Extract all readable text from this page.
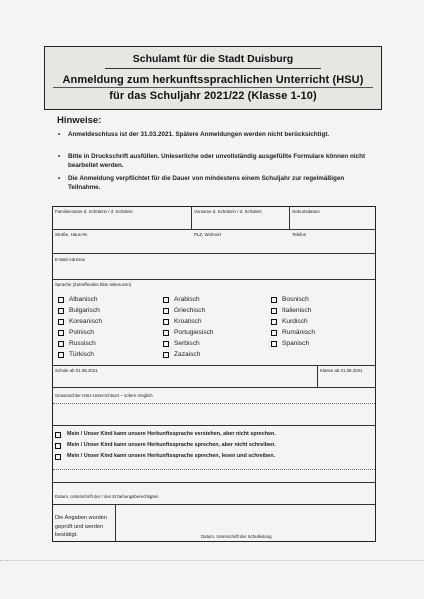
Schulamt für die Stadt Duisburg
Anmeldung zum herkunftssprachlichen Unterricht (HSU)
für das Schuljahr 2021/22 (Klasse 1-10)
Hinweise:
• Anmeldeschluss ist der 31.03.2021. Spätere Anmeldungen werden nicht berücksichtigt.
• Bitte in Druckschrift ausfüllen. Unleserliche oder unvollständig ausgefüllte Formulare können nicht bearbeitet werden.
• Die Anmeldung verpflichtet für die Dauer von mindestens einem Schuljahr zur regelmäßigen Teilnahme.
Familienname d. Schülerin / d. Schülers	Vorname d. Schülerin / d. Schülers	Geburtsdatum
Straße, Haus-Nr.	PLZ, Wohnort	Telefon
E-Mail-Adresse
Sprache (Zutreffendes bitte ankreuzen)
Albanisch	Arabisch	Bosnisch
Bulgarisch	Griechisch	Italienisch
Koreanisch	Kroatisch	Kurdisch
Polnisch	Portugiesisch	Rumänisch
Russisch	Serbisch	Spanisch
Türkisch	Zazaisch
Schule ab 01.08.2021	Klasse ab 01.08.2021
Gewünschter HSU-Unterrichtsort – sofern möglich
Mein / Unser Kind kann unsere Herkunftssprache verstehen, aber nicht sprechen.
Mein / Unser Kind kann unsere Herkunftssprache sprechen, aber nicht schreiben.
Mein / Unser Kind kann unsere Herkunftssprache sprechen, lesen und schreiben.
Datum, Unterschrift der / des Erziehungsberechtigten
Die Angaben wurden geprüft und werden bestätigt.	Datum, Unterschrift der Schulleitung
